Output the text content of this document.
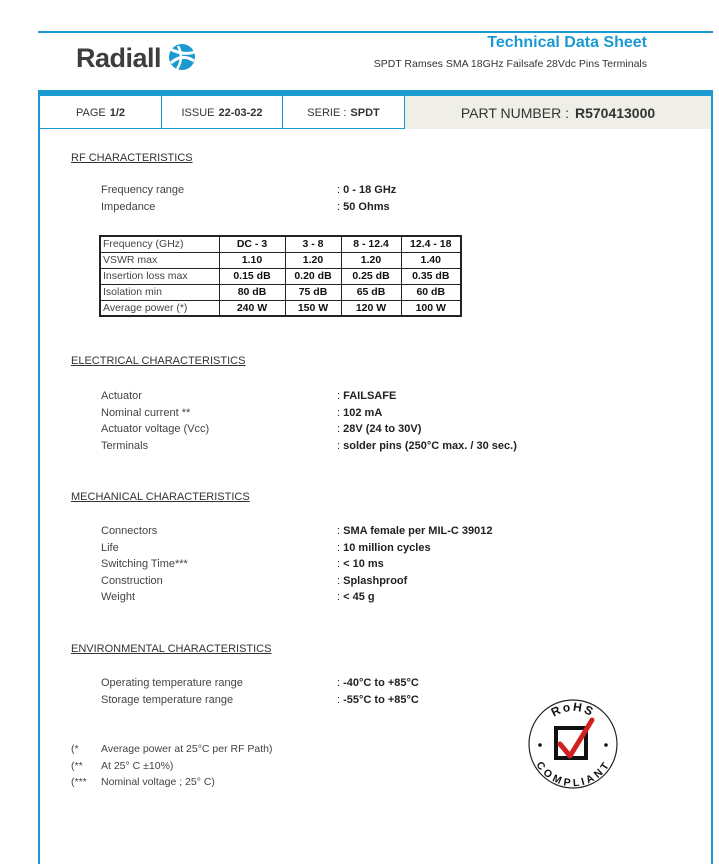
Radiall
Technical Data Sheet
SPDT Ramses SMA 18GHz Failsafe 28Vdc Pins Terminals
PAGE 1/2	ISSUE 22-03-22	SERIE : SPDT	PART NUMBER : R570413000
RF CHARACTERISTICS
Frequency range	: 0 - 18 GHz
Impedance	: 50 Ohms
Frequency (GHz)	DC - 3	3 - 8	8 - 12.4	12.4 - 18
VSWR max	1.10	1.20	1.20	1.40
Insertion loss max	0.15 dB	0.20 dB	0.25 dB	0.35 dB
Isolation min	80 dB	75 dB	65 dB	60 dB
Average power (*)	240 W	150 W	120 W	100 W
ELECTRICAL CHARACTERISTICS
Actuator	: FAILSAFE
Nominal current **	: 102 mA
Actuator voltage (Vcc)	: 28V (24 to 30V)
Terminals	: solder pins (250°C max. / 30 sec.)
MECHANICAL CHARACTERISTICS
Connectors	: SMA female per MIL-C 39012
Life	: 10 million cycles
Switching Time***	: < 10 ms
Construction	: Splashproof
Weight	: < 45 g
ENVIRONMENTAL CHARACTERISTICS
Operating temperature range	: -40°C to +85°C
Storage temperature range	: -55°C to +85°C
(*	Average power at 25°C per RF Path)
(**	At 25° C ±10%)
(***	Nominal voltage ; 25° C)
RoHS
COMPLIANT
